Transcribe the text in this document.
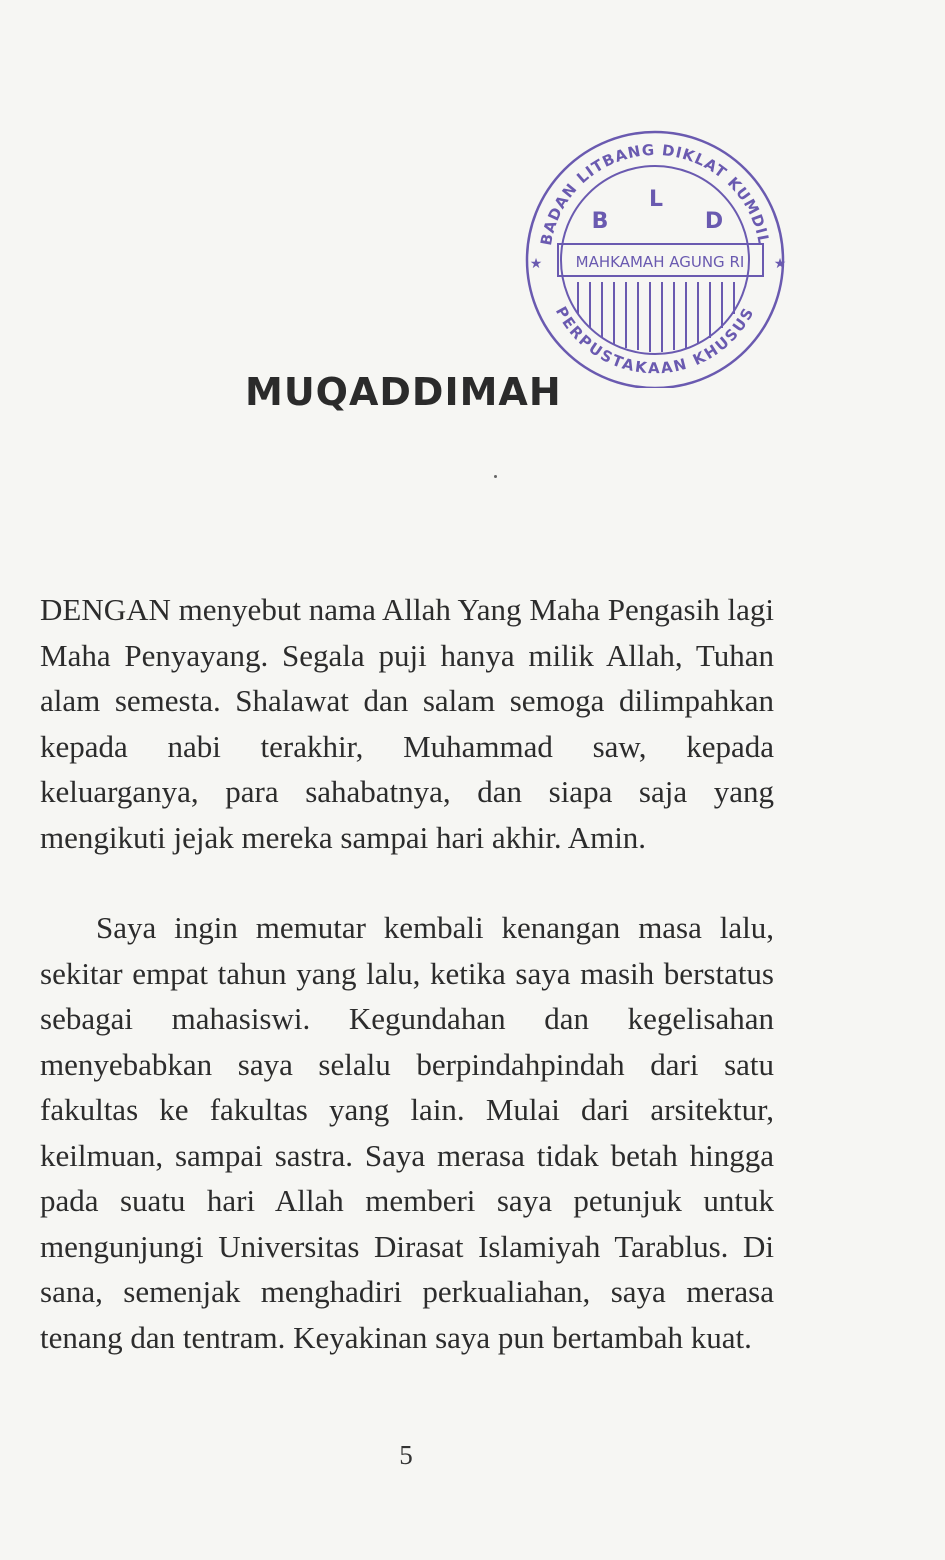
BADAN LITBANG DIKLAT KUMDIL
PERPUSTAKAAN KHUSUS
B
L
D
MAHKAMAH AGUNG RI
★	★
MUQADDIMAH

DENGAN menyebut nama Allah Yang Maha Pengasih lagi Maha Penyayang. Segala puji hanya milik Allah, Tuhan alam semesta. Shalawat dan salam semoga dilimpahkan kepada nabi terakhir, Muhammad saw, kepada keluarganya, para sahabatnya, dan siapa saja yang mengikuti jejak mereka sampai hari akhir. Amin.

Saya ingin memutar kembali kenangan masa lalu, sekitar empat tahun yang lalu, ketika saya masih berstatus sebagai mahasiswi. Kegundahan dan kegelisahan menyebabkan saya selalu berpindahpindah dari satu fakultas ke fakultas yang lain. Mulai dari arsitektur, keilmuan, sampai sastra. Saya merasa tidak betah hingga pada suatu hari Allah memberi saya petunjuk untuk mengunjungi Universitas Dirasat Islamiyah Tarablus. Di sana, semenjak menghadiri perkualiahan, saya merasa tenang dan tentram. Keyakinan saya pun bertambah kuat.

5
